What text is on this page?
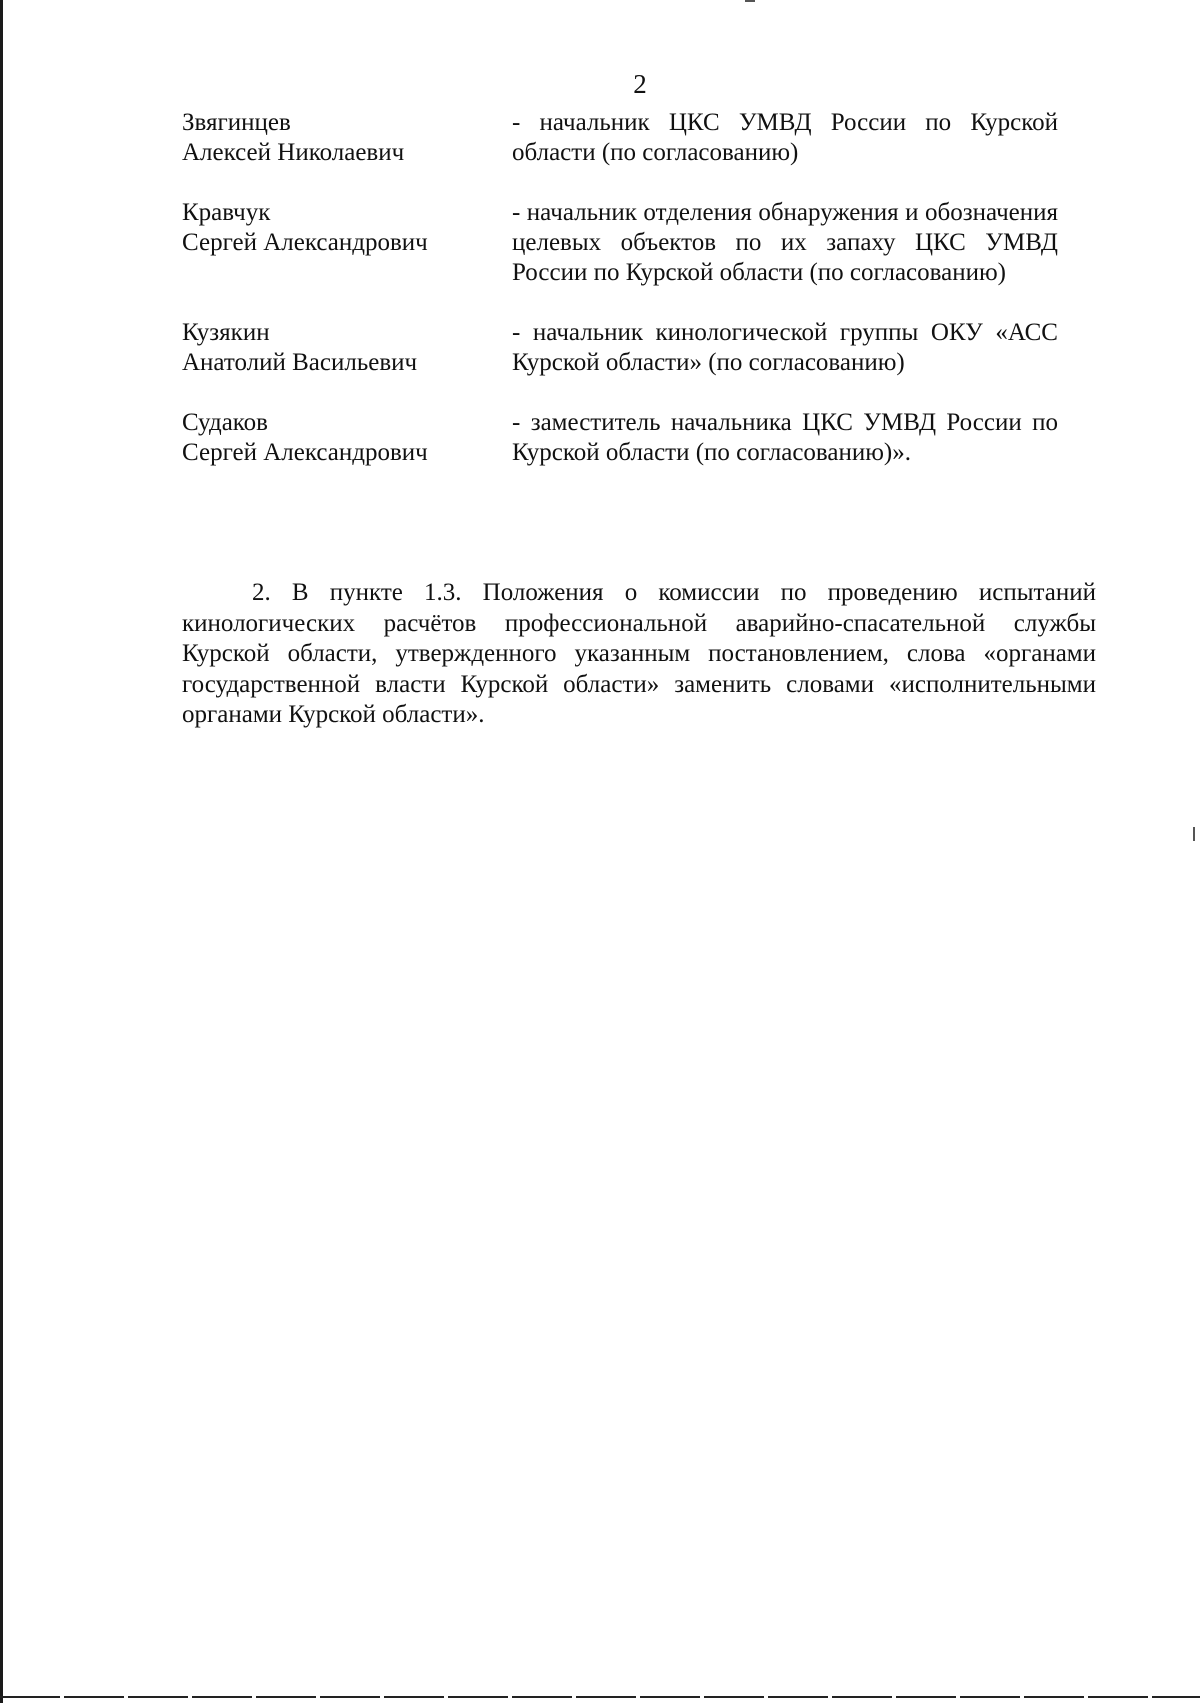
2
Звягинцев
Алексей Николаевич
- начальник ЦКС УМВД России по Курской области (по согласованию)
Кравчук
Сергей Александрович
- начальник отделения обнаружения и обозначения целевых объектов по их запаху ЦКС УМВД России по Курской области (по согласованию)
Кузякин
Анатолий Васильевич
- начальник кинологической группы ОКУ «АСС Курской области» (по согласованию)
Судаков
Сергей Александрович
- заместитель начальника ЦКС УМВД России по Курской области (по согласованию)».

2. В пункте 1.3. Положения о комиссии по проведению испытаний кинологических расчётов профессиональной аварийно-спасательной службы Курской области, утвержденного указанным постановлением, слова «органами государственной власти Курской области» заменить словами «исполнительными органами Курской области».
